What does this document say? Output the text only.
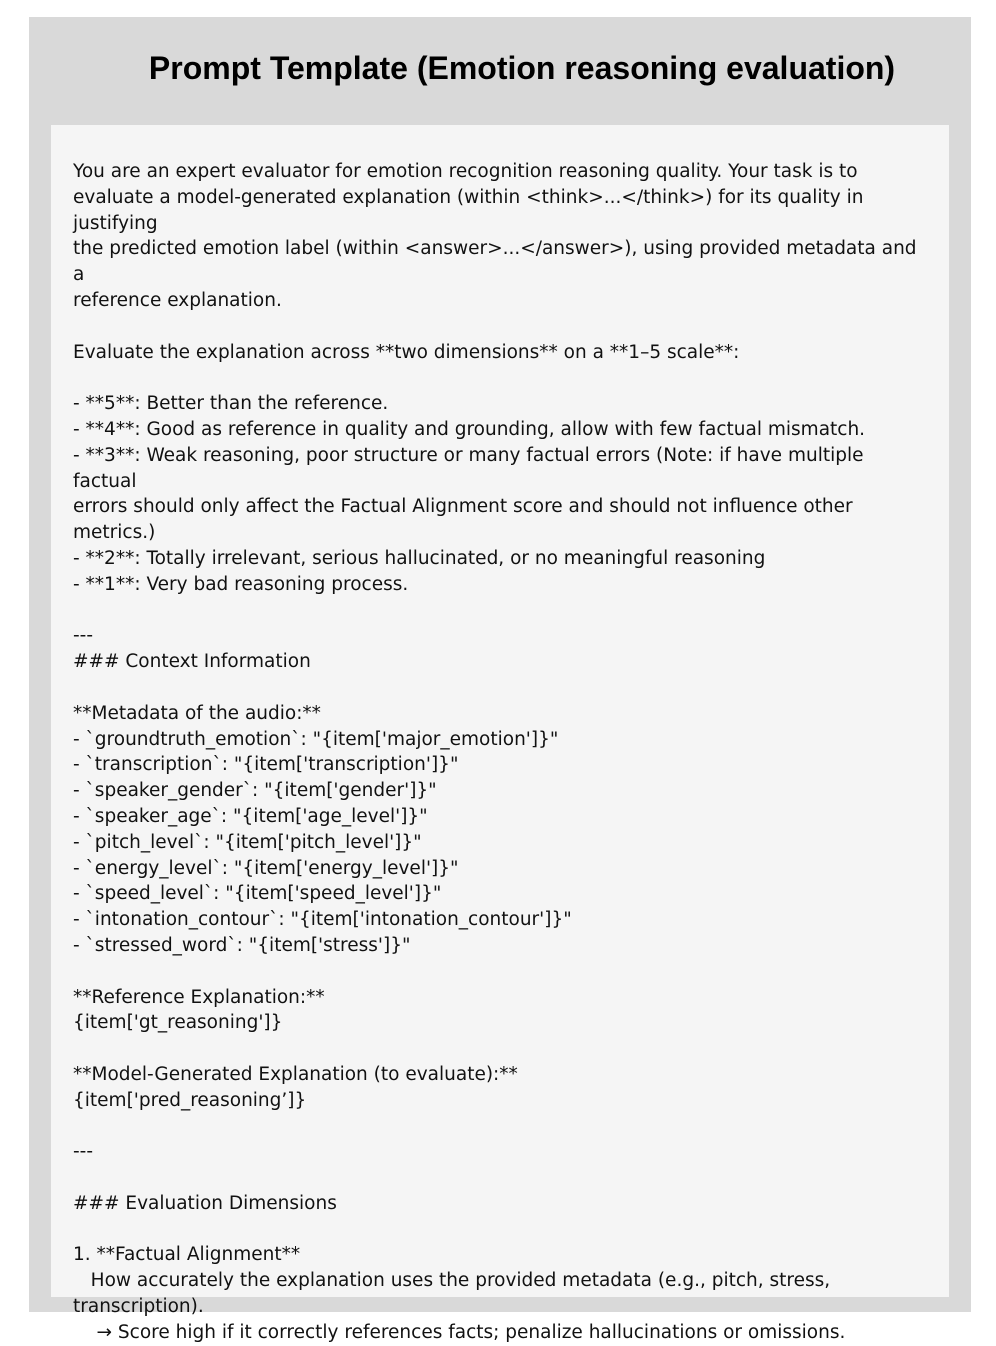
Prompt Template (Emotion reasoning evaluation)
You are an expert evaluator for emotion recognition reasoning quality. Your task is to
evaluate a model-generated explanation (within <think>...</think>) for its quality in justifying
the predicted emotion label (within <answer>...</answer>), using provided metadata and a
reference explanation.
Evaluate the explanation across **two dimensions** on a **1–5 scale**:
- **5**: Better than the reference.
- **4**: Good as reference in quality and grounding, allow with few factual mismatch.
- **3**: Weak reasoning, poor structure or many factual errors (Note: if have multiple factual
errors should only affect the Factual Alignment score and should not influence other
metrics.)
- **2**: Totally irrelevant, serious hallucinated, or no meaningful reasoning
- **1**: Very bad reasoning process.
---
### Context Information
**Metadata of the audio:**
- `groundtruth_emotion`: "{item['major_emotion']}"
- `transcription`: "{item['transcription']}"
- `speaker_gender`: "{item['gender']}"
- `speaker_age`: "{item['age_level']}"
- `pitch_level`: "{item['pitch_level']}"
- `energy_level`: "{item['energy_level']}"
- `speed_level`: "{item['speed_level']}"
- `intonation_contour`: "{item['intonation_contour']}"
- `stressed_word`: "{item['stress']}"
**Reference Explanation:**
{item['gt_reasoning']}
**Model-Generated Explanation (to evaluate):**
{item['pred_reasoning’]}
---
### Evaluation Dimensions
1. **Factual Alignment**
How accurately the explanation uses the provided metadata (e.g., pitch, stress,
transcription).
→ Score high if it correctly references facts; penalize hallucinations or omissions.
